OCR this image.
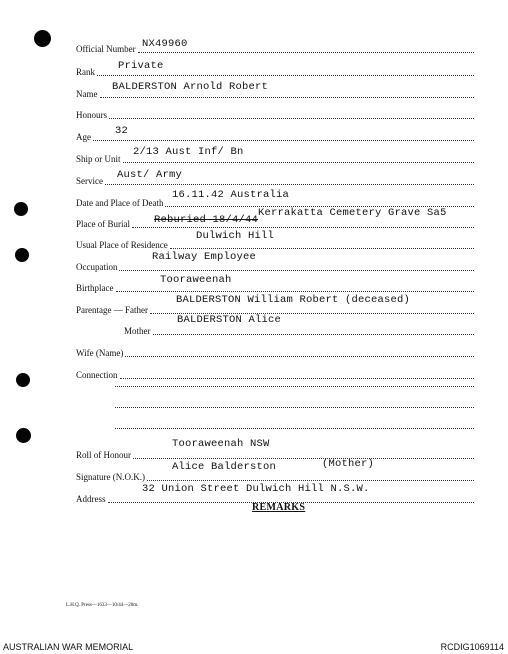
Official Number NX49960
Rank Private
Name
BALDERSTON Arnold Robert
Honours
Age 32
Ship or Unit
2/13 Aust Inf/ Bn
Service Aust/ Army
Date and Place of Death
16.11.42 Australia
Place of Burial Reburied 18/4/44
Kerrakatta Cemetery Grave Sa5
Usual Place of Residence
Dulwich Hill
Occupation
Railway Employee
Birthplace
Tooraweenah
Parentage — Father
BALDERSTON William Robert (deceased)
Mother
BALDERSTON Alice
Wife (Name)
Connection
Roll of Honour
Tooraweenah NSW
Signature (N.O.K.)
Alice Balderston	(Mother)
Address
32 Union Street Dulwich Hill N.S.W.
REMARKS
L.H.Q. Press—1633—10/44—20m.
AUSTRALIAN WAR MEMORIAL	RCDIG1069114
